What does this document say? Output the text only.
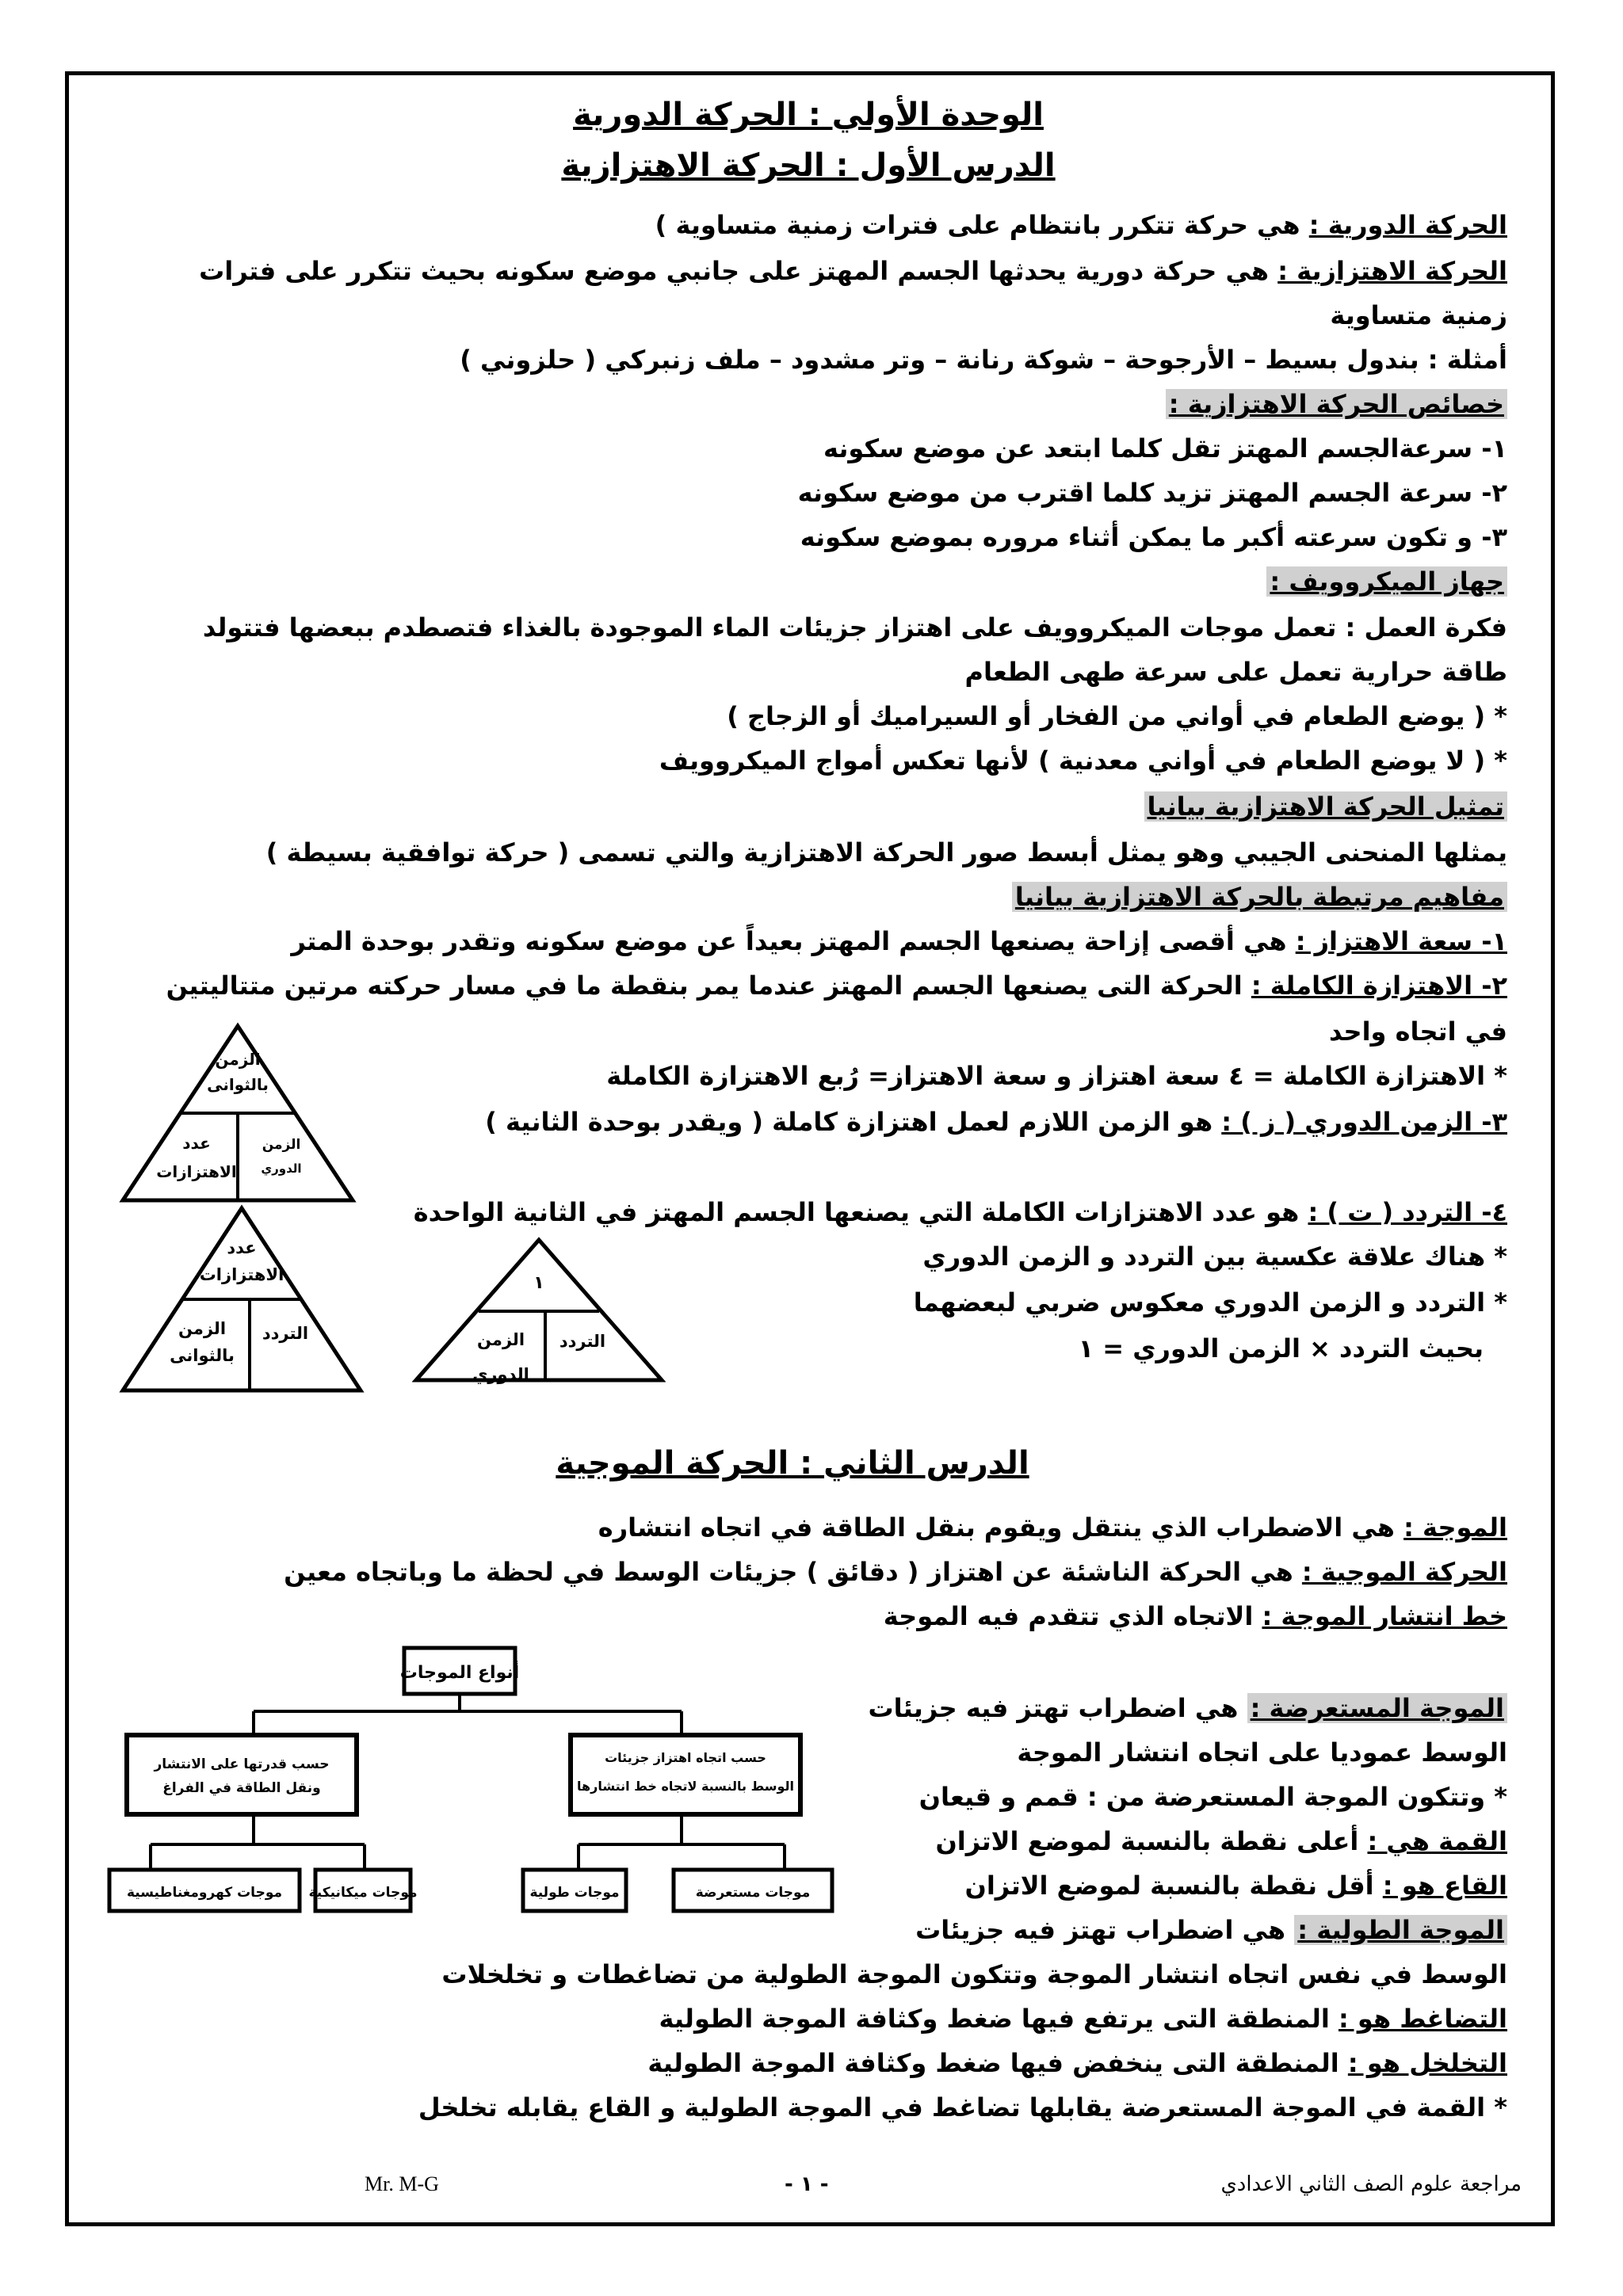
الوحدة الأولي : الحركة الدورية
الدرس الأول : الحركة الاهتزازية
الحركة الدورية : هي حركة تتكرر بانتظام على فترات زمنية متساوية )
الحركة الاهتزازية : هي حركة دورية يحدثها الجسم المهتز على جانبي موضع سكونه بحيث تتكرر على فترات
زمنية متساوية
أمثلة : بندول بسيط – الأرجوحة – شوكة رنانة – وتر مشدود – ملف زنبركي ( حلزوني )
خصائص الحركة الاهتزازية :
١- سرعةالجسم المهتز تقل كلما ابتعد عن موضع سكونه
٢- سرعة الجسم المهتز تزيد كلما اقترب من موضع سكونه
٣- و تكون سرعته أكبر ما يمكن أثناء مروره بموضع سكونه
جهاز الميكروويف :
فكرة العمل : تعمل موجات الميكروويف على اهتزاز جزيئات الماء الموجودة بالغذاء فتصطدم ببعضها فتتولد
طاقة حرارية تعمل على سرعة طهى الطعام
* ( يوضع الطعام في أواني من الفخار أو السيراميك أو الزجاج )
* ( لا يوضع الطعام في أواني معدنية ) لأنها تعكس أمواج الميكروويف
تمثيل الحركة الاهتزازية بيانيا
يمثلها المنحنى الجيبي وهو يمثل أبسط صور الحركة الاهتزازية والتي تسمى ( حركة توافقية بسيطة )
مفاهيم مرتبطة بالحركة الاهتزازية بيانيا
١- سعة الاهتزاز : هي أقصى إزاحة يصنعها الجسم المهتز بعيداً عن موضع سكونه وتقدر بوحدة المتر
٢- الاهتزازة الكاملة : الحركة التى يصنعها الجسم المهتز عندما يمر بنقطة ما في مسار حركته مرتين متتاليتين
في اتجاه واحد
* الاهتزازة الكاملة = ٤ سعة اهتزاز و سعة الاهتزاز= رُبع الاهتزازة الكاملة
٣- الزمن الدوري ( ز ) : هو الزمن اللازم لعمل اهتزازة كاملة ( ويقدر بوحدة الثانية )
٤- التردد ( ت ) : هو عدد الاهتزازات الكاملة التي يصنعها الجسم المهتز في الثانية الواحدة
* هناك علاقة عكسية بين التردد و الزمن الدوري
* التردد و الزمن الدوري معكوس ضربي لبعضهما
بحيث التردد × الزمن الدوري = ١
الزمن
بالثوانى
عدد
الاهتزازات
الزمن
الدوري
عدد
الاهتزازات
الزمن
بالثوانى
التردد
١
الزمن
الدوري
التردد
الدرس الثاني : الحركة الموجية
الموجة : هي الاضطراب الذي ينتقل ويقوم بنقل الطاقة في اتجاه انتشاره
الحركة الموجية : هي الحركة الناشئة عن اهتزاز ( دقائق ) جزيئات الوسط في لحظة ما وباتجاه معين
خط انتشار الموجة : الاتجاه الذي تتقدم فيه الموجة
الموجة المستعرضة : هي اضطراب تهتز فيه جزيئات
الوسط عموديا على اتجاه انتشار الموجة
* وتتكون الموجة المستعرضة من : قمم و قيعان
القمة هي : أعلى نقطة بالنسبة لموضع الاتزان
القاع هو : أقل نقطة بالنسبة لموضع الاتزان
الموجة الطولية : هي اضطراب تهتز فيه جزيئات
الوسط في نفس اتجاه انتشار الموجة وتتكون الموجة الطولية من تضاغطات و تخلخلات
التضاغط هو : المنطقة التى يرتفع فيها ضغط وكثافة الموجة الطولية
التخلخل هو : المنطقة التى ينخفض فيها ضغط وكثافة الموجة الطولية
* القمة في الموجة المستعرضة يقابلها تضاغط في الموجة الطولية و القاع يقابله تخلخل
أنواع الموجات
حسب قدرتها على الانتشار
ونقل الطاقة في الفراغ
حسب اتجاه اهتزاز جزيئات
الوسط بالنسبة لاتجاه خط انتشارها
موجات كهرومغناطيسية موجات ميكانيكية	موجات طولية	موجات مستعرضة
Mr. M-G	- ١ -	مراجعة علوم الصف الثاني الاعدادي
